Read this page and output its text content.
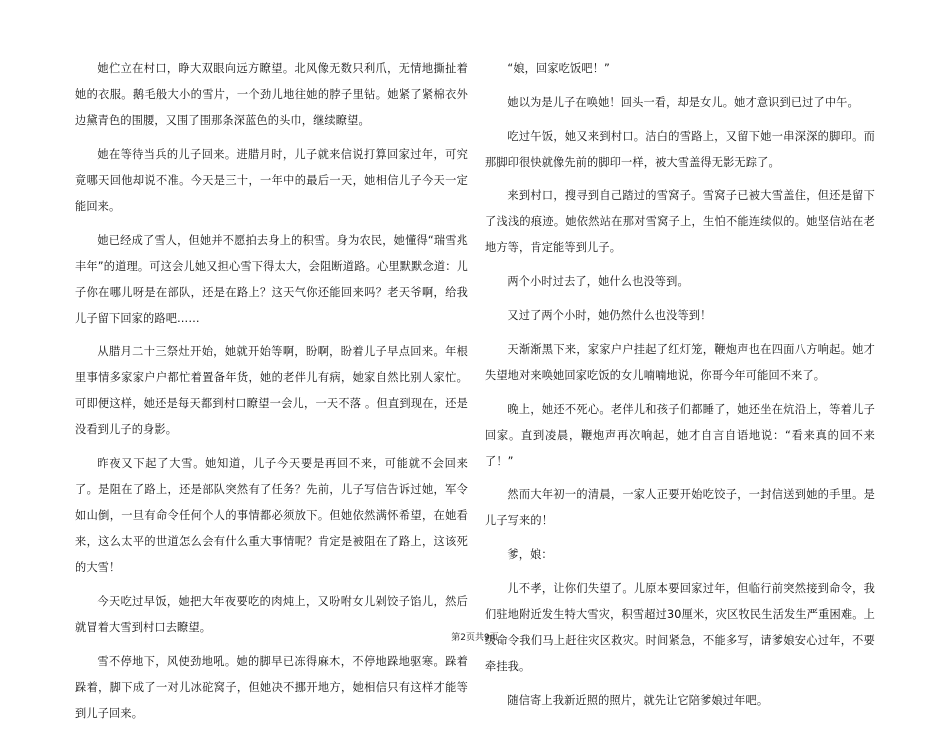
她伫立在村口，睁大双眼向远方瞭望。北风像无数只利爪，无情地撕扯着她的衣服。鹅毛般大小的雪片，一个劲儿地往她的脖子里钻。她紧了紧棉衣外边黛青色的围腰，又围了围那条深蓝色的头巾，继续瞭望。

她在等待当兵的儿子回来。进腊月时，儿子就来信说打算回家过年，可究竟哪天回他却说不准。今天是三十，一年中的最后一天，她相信儿子今天一定能回来。

她已经成了雪人，但她并不愿拍去身上的积雪。身为农民，她懂得“瑞雪兆丰年”的道理。可这会儿她又担心雪下得太大，会阻断道路。心里默默念道：儿子你在哪儿呀是在部队，还是在路上？这天气你还能回来吗？老天爷啊，给我儿子留下回家的路吧……

从腊月二十三祭灶开始，她就开始等啊，盼啊，盼着儿子早点回来。年根里事情多家家户户都忙着置备年货，她的老伴儿有病，她家自然比别人家忙。可即便这样，她还是每天都到村口瞭望一会儿，一天不落 。但直到现在，还是没看到儿子的身影。

昨夜又下起了大雪。她知道，儿子今天要是再回不来，可能就不会回来了。是阻在了路上，还是部队突然有了任务？先前，儿子写信告诉过她，军令如山倒，一旦有命令任何个人的事情都必须放下。但她依然满怀希望，在她看来，这么太平的世道怎么会有什么重大事情呢？肯定是被阻在了路上，这该死的大雪！

今天吃过早饭，她把大年夜要吃的肉炖上，又吩咐女儿剁饺子馅儿，然后就冒着大雪到村口去瞭望。

雪不停地下，风使劲地吼。她的脚早已冻得麻木，不停地跺地驱寒。跺着跺着，脚下成了一对儿冰砣窝子，但她决不挪开地方，她相信只有这样才能等到儿子回来。

“娘，回家吃饭吧！”

她以为是儿子在唤她！回头一看，却是女儿。她才意识到已过了中午。

吃过午饭，她又来到村口。洁白的雪路上，又留下她一串深深的脚印。而那脚印很快就像先前的脚印一样，被大雪盖得无影无踪了。

来到村口，搜寻到自己踏过的雪窝子。雪窝子已被大雪盖住，但还是留下了浅浅的痕迹。她依然站在那对雪窝子上，生怕不能连续似的。她坚信站在老地方等，肯定能等到儿子。

两个小时过去了，她什么也没等到。

又过了两个小时，她仍然什么也没等到！

天渐渐黑下来，家家户户挂起了红灯笼，鞭炮声也在四面八方响起。她才失望地对来唤她回家吃饭的女儿喃喃地说，你哥今年可能回不来了。

晚上，她还不死心。老伴儿和孩子们都睡了，她还坐在炕沿上，等着儿子回家。直到凌晨，鞭炮声再次响起，她才自言自语地说：“看来真的回不来了！”

然而大年初一的清晨，一家人正要开始吃饺子，一封信送到她的手里。是儿子写来的！

爹，娘：

儿不孝，让你们失望了。儿原本要回家过年，但临行前突然接到命令，我们驻地附近发生特大雪灾，积雪超过30厘米，灾区牧民生活发生严重困难。上级命令我们马上赶往灾区救灾。时间紧急，不能多写，请爹娘安心过年，不要牵挂我。

随信寄上我新近照的照片，就先让它陪爹娘过年吧。

第2页共9页
